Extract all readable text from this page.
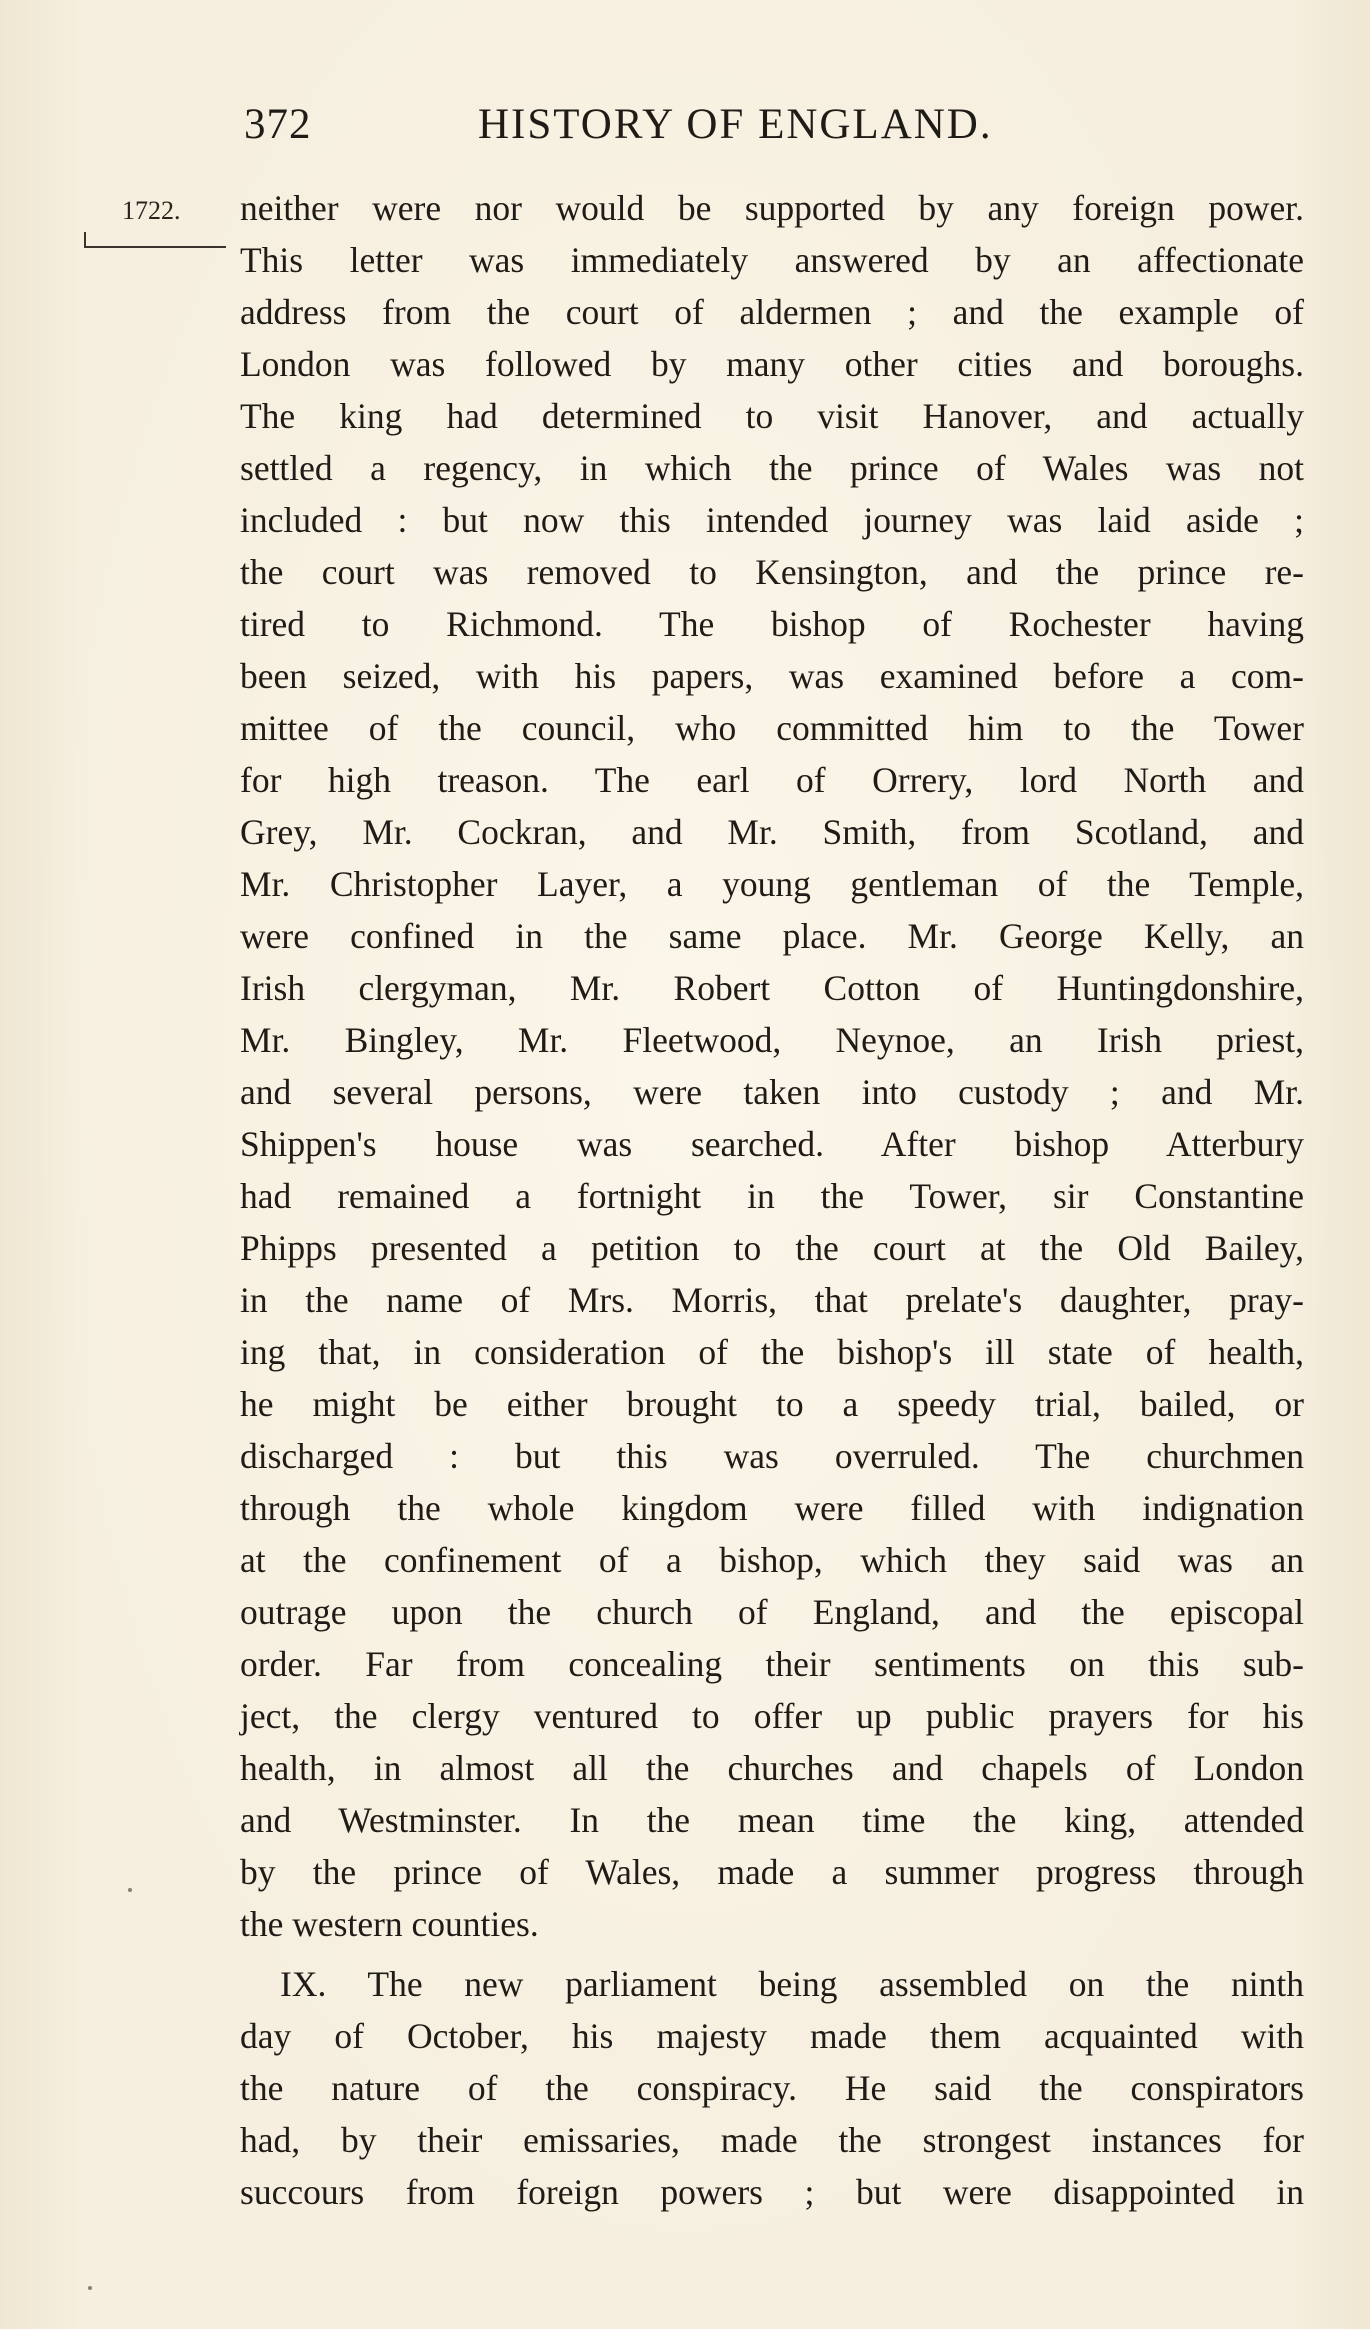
372	HISTORY OF ENGLAND.
1722. neither were nor would be supported by any foreign power.
This letter was immediately answered by an affectionate
address from the court of aldermen ; and the example of
London was followed by many other cities and boroughs.
The king had determined to visit Hanover, and actually
settled a regency, in which the prince of Wales was not
included : but now this intended journey was laid aside ;
the court was removed to Kensington, and the prince re-
tired to Richmond. The bishop of Rochester having
been seized, with his papers, was examined before a com-
mittee of the council, who committed him to the Tower
for high treason. The earl of Orrery, lord North and
Grey, Mr. Cockran, and Mr. Smith, from Scotland, and
Mr. Christopher Layer, a young gentleman of the Temple,
were confined in the same place. Mr. George Kelly, an
Irish clergyman, Mr. Robert Cotton of Huntingdonshire,
Mr. Bingley, Mr. Fleetwood, Neynoe, an Irish priest,
and several persons, were taken into custody ; and Mr.
Shippen's house was searched. After bishop Atterbury
had remained a fortnight in the Tower, sir Constantine
Phipps presented a petition to the court at the Old Bailey,
in the name of Mrs. Morris, that prelate's daughter, pray-
ing that, in consideration of the bishop's ill state of health,
he might be either brought to a speedy trial, bailed, or
discharged : but this was overruled. The churchmen
through the whole kingdom were filled with indignation
at the confinement of a bishop, which they said was an
outrage upon the church of England, and the episcopal
order. Far from concealing their sentiments on this sub-
ject, the clergy ventured to offer up public prayers for his
health, in almost all the churches and chapels of London
and Westminster. In the mean time the king, attended
by the prince of Wales, made a summer progress through
the western counties.
IX. The new parliament being assembled on the ninth
day of October, his majesty made them acquainted with
the nature of the conspiracy. He said the conspirators
had, by their emissaries, made the strongest instances for
succours from foreign powers ; but were disappointed in
